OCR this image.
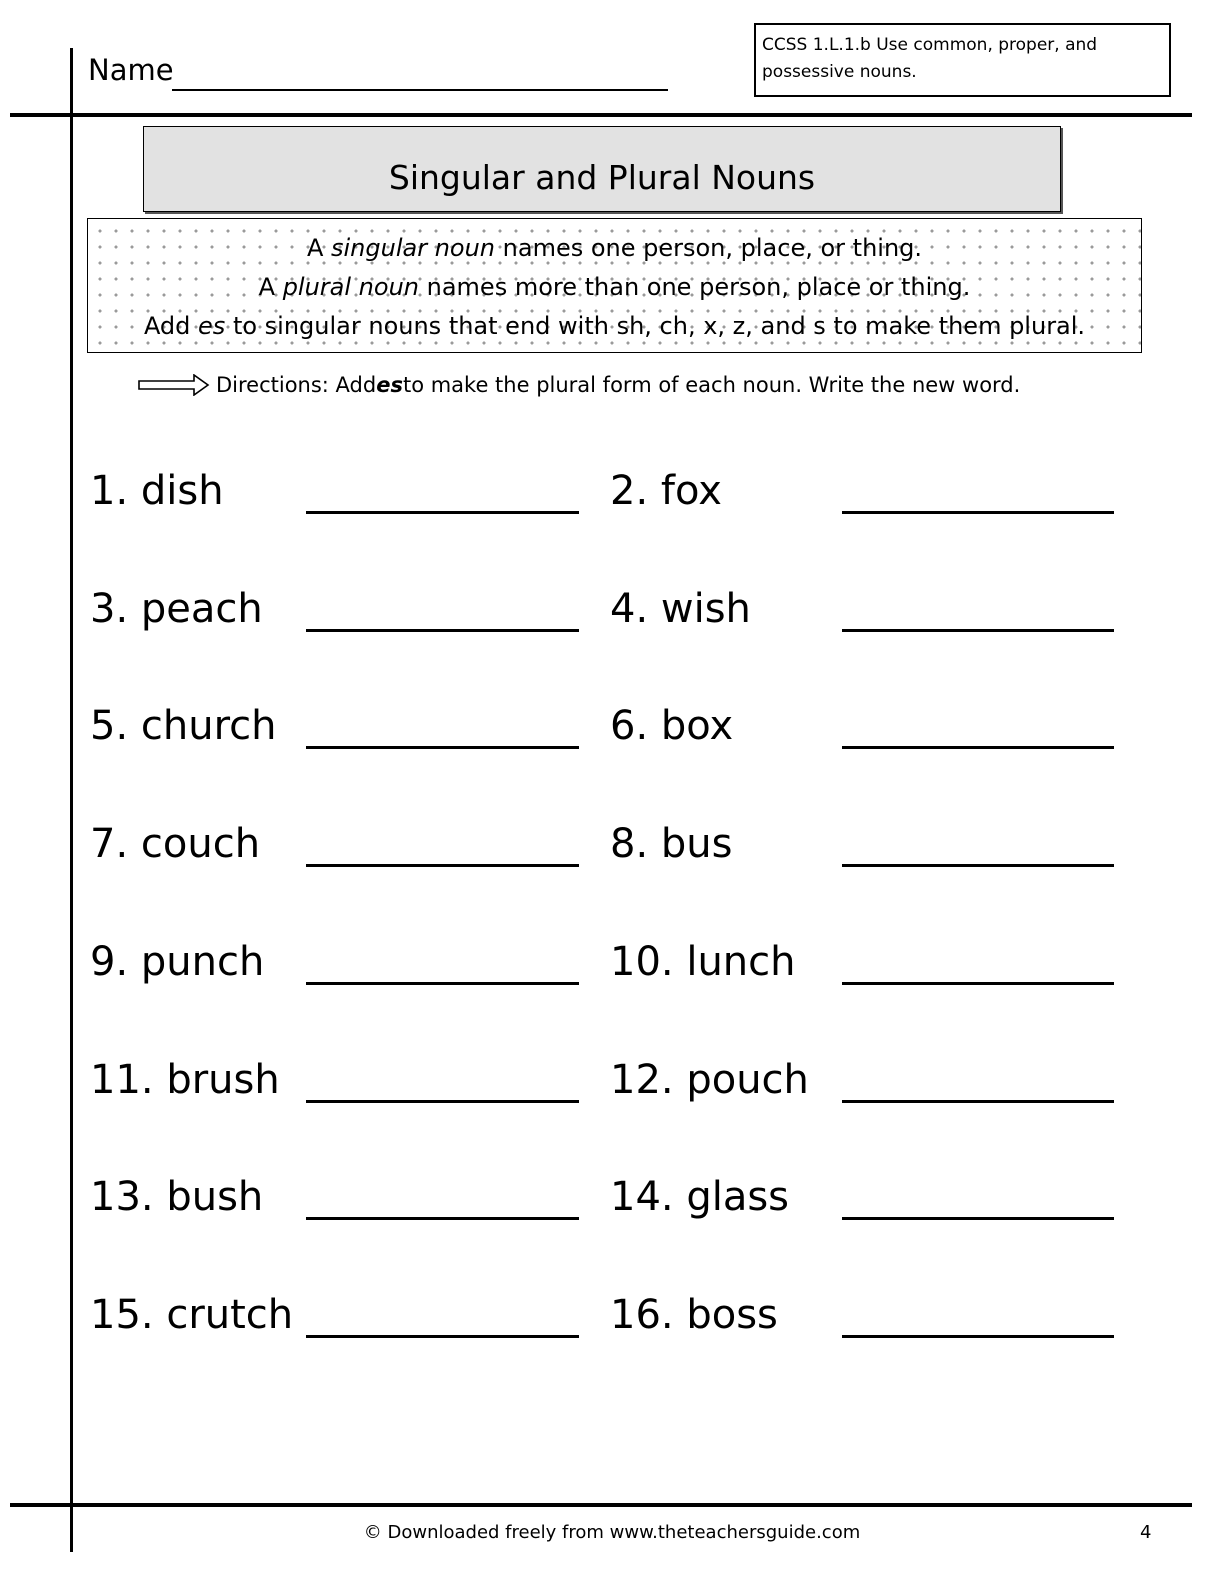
Name
CCSS 1.L.1.b Use common, proper, and
possessive nouns.
Singular and Plural Nouns
A singular noun names one person, place, or thing.
A plural noun names more than one person, place or thing.
Add es to singular nouns that end with sh, ch, x, z, and s to make them plural.
Directions: Add es to make the plural form of each noun. Write the new word.
1. dish	2. fox
3. peach	4. wish
5. church	6. box
7. couch	8. bus
9. punch	10. lunch
11. brush	12. pouch
13. bush	14. glass
15. crutch	16. boss
© Downloaded freely from www.theteachersguide.com	4
